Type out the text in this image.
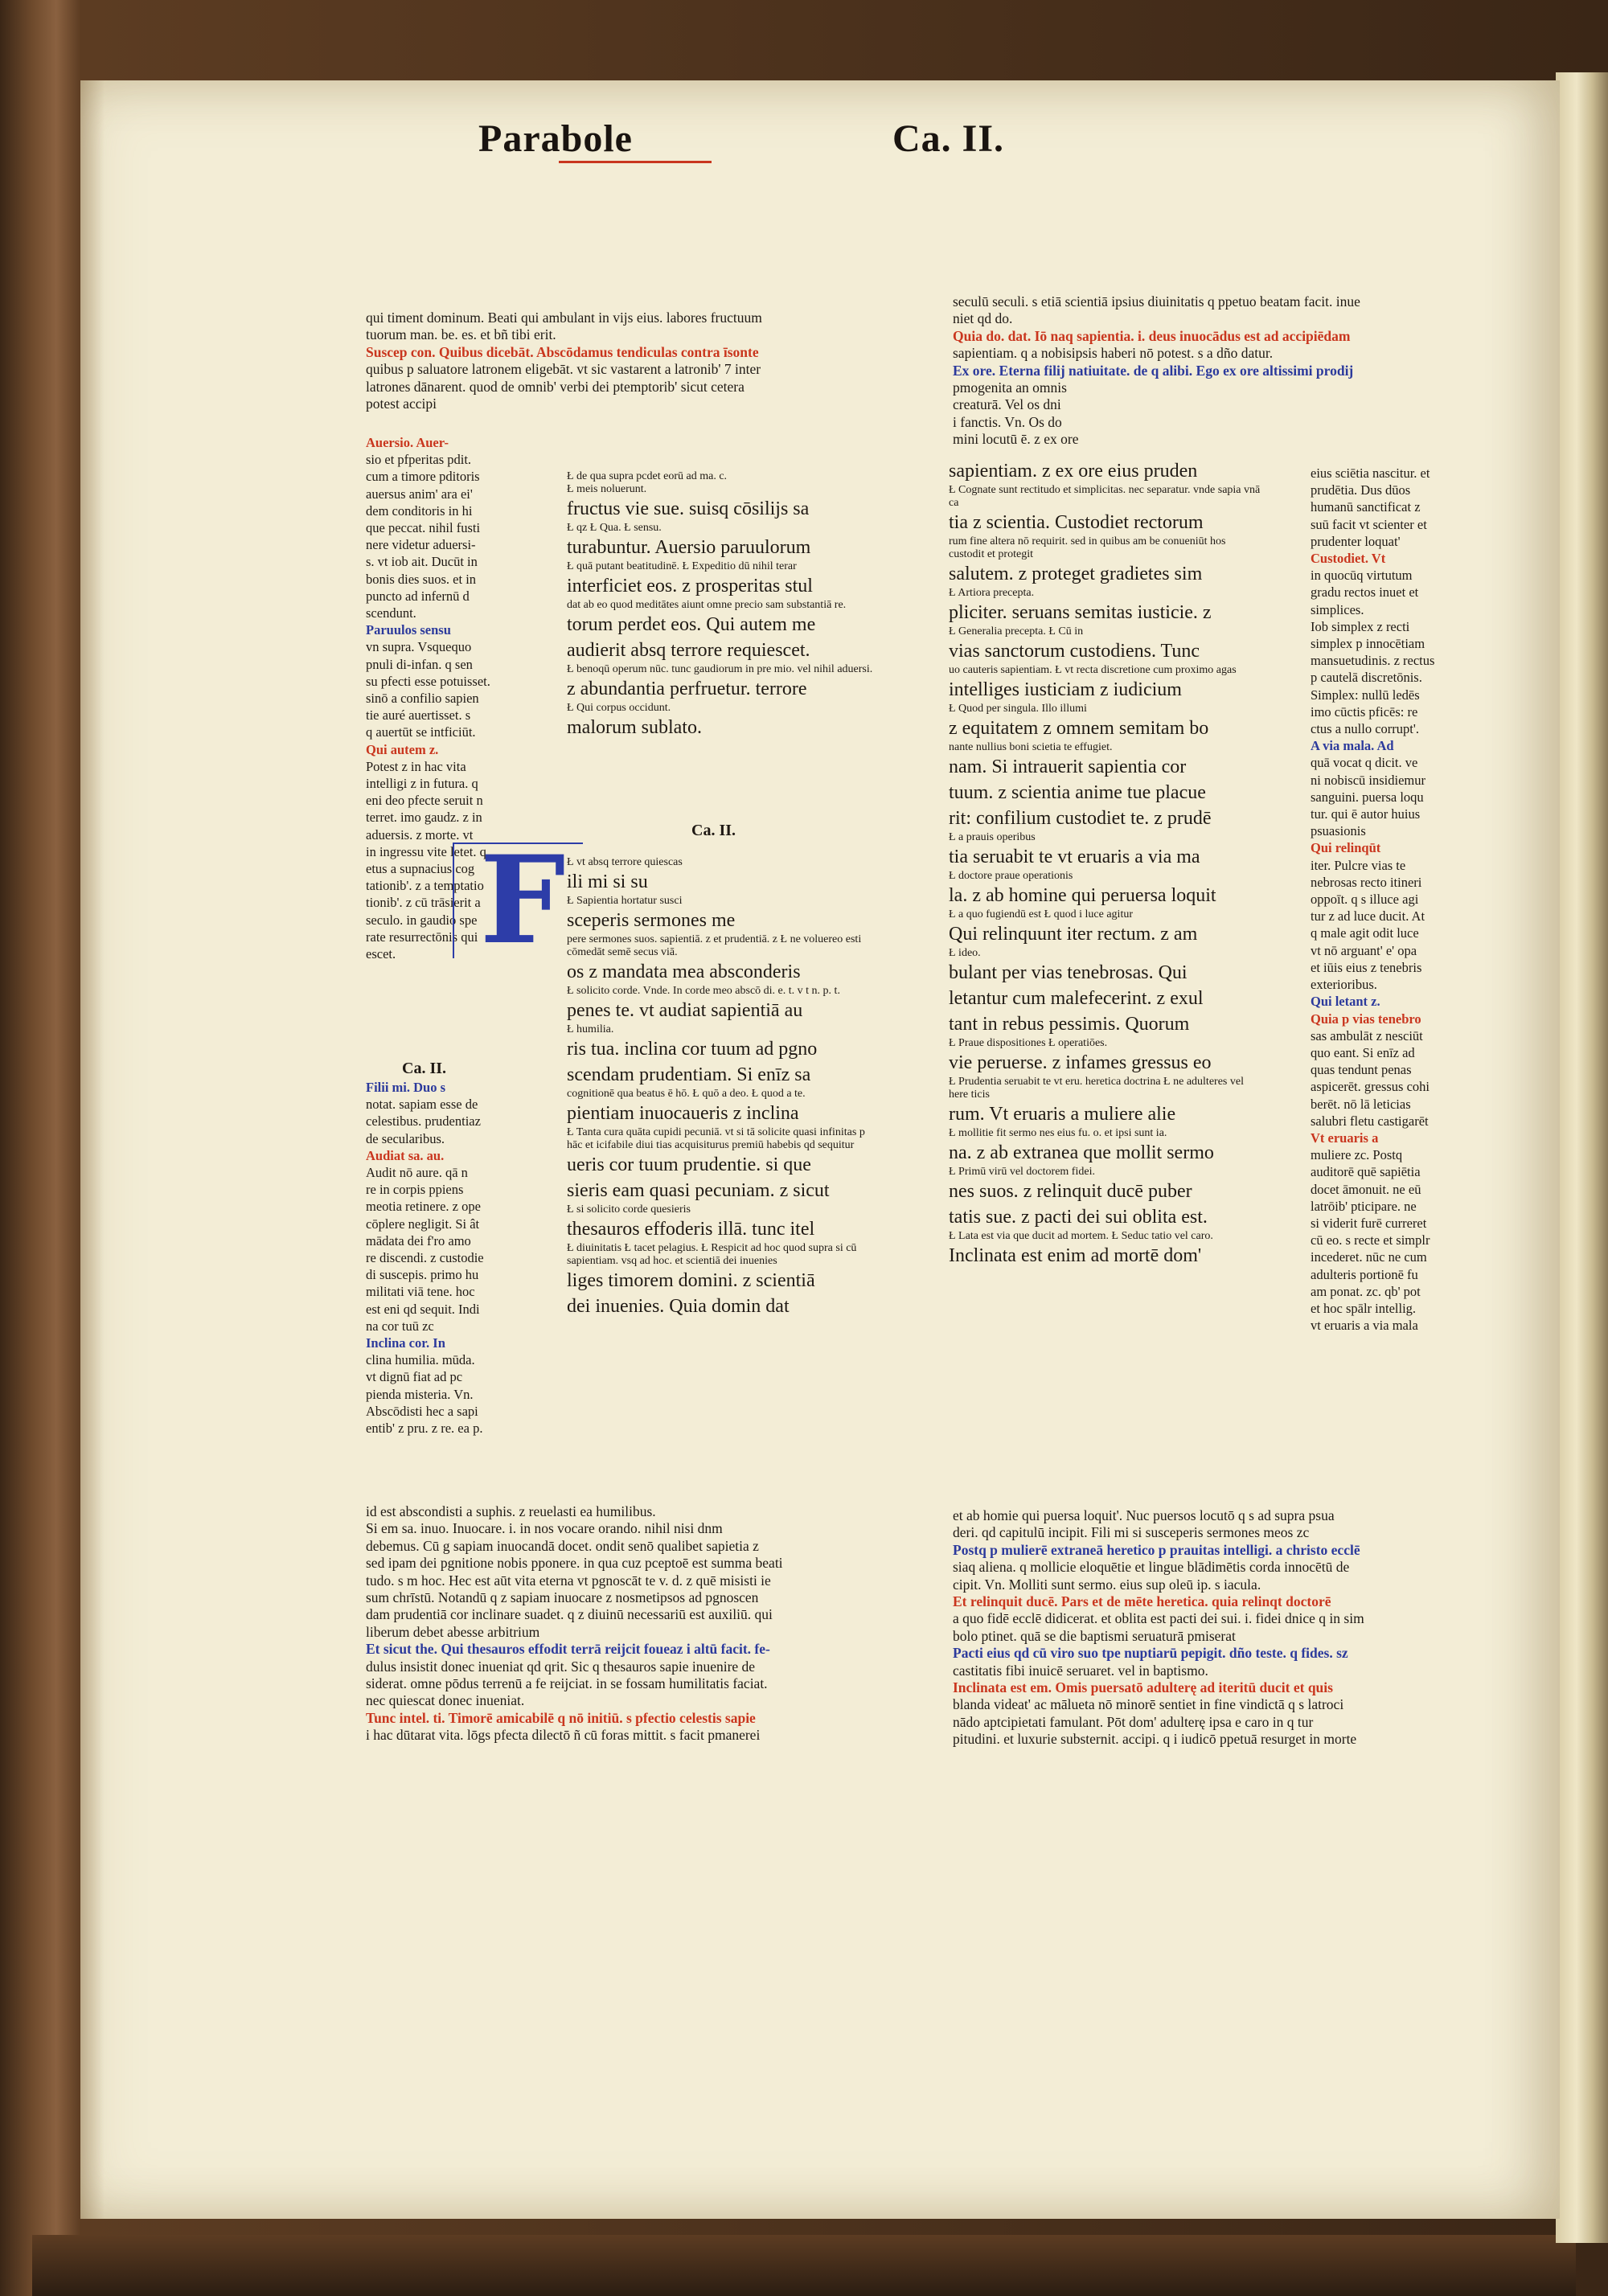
Parabole	Ca. II.

qui timent dominum. Beati qui ambulant in vijs eius. labores fructuum

tuorum man. be. es. et bñ tibi erit.

Suscep con. Quibus dicebāt. Abscōdamus tendiculas contra īsonte

quibus p saluatore latronem eligebāt. vt sic vastarent a latronib' 7 inter

latrones dānarent. quod de omnib' verbi dei ptemptorib' sicut cetera

potest accipi

Auersio. Auer-

sio et pfperitas pdit.

cum a timore pditoris

auersus anim' ara ei'

dem conditoris in hi

que peccat. nihil fusti

nere videtur aduersi-

s. vt iob ait. Ducūt in

bonis dies suos. et in

puncto ad infernū d

scendunt.

Paruulos sensu

vn supra. Vsquequo

pnuli di-infan. q sen

su pfecti esse potuisset.

sinō a confilio sapien

tie auré auertisset. s

q auertūt se intficiūt.

Qui autem z.

Potest z in hac vita

intelligi z in futura. q

eni deo pfecte seruit n

terret. imo gaudz. z in

aduersis. z morte. vt

in ingressu vite letet. q

etus a supnacius cog

tationib'. z a temptatio

tionib'. z cū trāsierit a

seculo. in gaudio spe

rate resurrectōnis qui

escet.

Ca. II.

Filii mi. Duo s

notat. sapiam esse de

celestibus. prudentiaz

de secularibus.

Audiat sa. au.

Audit nō aure. qā n

re in corpis ppiens

meotia retinere. z ope

cōplere negligit. Si ât

mādata dei f'ro amo

re discendi. z custodie

di suscepis. primo hu

militati viā tene. hoc

est eni qd sequit. Indi

na cor tuū zc

Inclina cor. In

clina humilia. mūda.

vt dignū fiat ad pc

pienda misteria. Vn.

Abscōdisti hec a sapi

entib' z pru. z re. ea p.

id est abscondisti a suphis. z reuelasti ea humilibus.

Si em sa. inuo. Inuocare. i. in nos vocare orando. nihil nisi dnm

debemus. Cū g sapiam inuocandā docet. ondit senō qualibet sapietia z

sed ipam dei pgnitione nobis pponere. in qua cuz pceptoē est summa beati

tudo. s m hoc. Hec est aūt vita eterna vt pgnoscāt te v. d. z quē misisti ie

sum chrīstū. Notandū q z sapiam inuocare z nosmetipsos ad pgnoscen

dam prudentiā cor inclinare suadet. q z diuinū necessariū est auxiliū. qui

liberum debet abesse arbitrium

Et sicut the. Qui thesauros effodit terrā reijcit foueaz i altū facit. fe-

dulus insistit donec inueniat qd qrit. Sic q thesauros sapie inuenire de

siderat. omne pōdus terrenū a fe reijciat. in se fossam humilitatis faciat.

nec quiescat donec inueniat.

Tunc intel. ti. Timorē amicabilē q nō initiū. s pfectio celestis sapie

i hac dūtarat vita. lōgs pfecta dilectō ñ cū foras mittit. s facit pmanerei

Ł de qua supra pcdet eorū ad ma. c.

Ł meis noluerunt.

fructus vie sue. suisq cōsilijs sa

Ł qz Ł Qua. Ł sensu.

turabuntur. Auersio paruulorum

Ł quā putant beatitudinē. Ł Expeditio dū nihil terar

interficiet eos. z prosperitas stul

dat ab eo quod meditātes aiunt omne precio sam substantiā re.

torum perdet eos. Qui autem me

audierit absq terrore requiescet.

Ł benoqū operum nūc. tunc gaudiorum in pre mio. vel nihil aduersi.

z abundantia perfruetur. terrore

Ł Qui corpus occidunt.

malorum sublato.

Ca. II.
F Ł vt absq terrore quiescas

ili mi si su

Ł Sapientia hortatur susci

sceperis sermones me

pere sermones suos. sapientiā. z et prudentiā. z Ł ne voluereo esti cōmedāt semē secus viā.

os z mandata mea absconderis

Ł solicito corde. Vnde. In corde meo abscō di. e. t. v t n. p. t.

penes te. vt audiat sapientiā au

Ł humilia.

ris tua. inclina cor tuum ad pgno

scendam prudentiam. Si enīz sa

cognitionē qua beatus ē hō. Ł quō a deo. Ł quod a te.

pientiam inuocaueris z inclina

Ł Tanta cura quāta cupidi pecuniā. vt si tā solicite quasi infinitas p hāc et icifabile diui tias acquisiturus premiū habebis qd sequitur

ueris cor tuum prudentie. si que

sieris eam quasi pecuniam. z sicut

Ł si solicito corde quesieris

thesauros effoderis illā. tunc itel

Ł diuinitatis Ł tacet pelagius. Ł Respicit ad hoc quod supra si cū sapientiam. vsq ad hoc. et scientiā dei inuenies

liges timorem domini. z scientiā

dei inuenies. Quia domin dat

seculū seculi. s etiā scientiā ipsius diuinitatis q ppetuo beatam facit. inue

niet qd do.

Quia do. dat. Iō naq sapientia. i. deus inuocādus est ad accipiēdam

sapientiam. q a nobisipsis haberi nō potest. s a dño datur.

Ex ore. Eterna filij natiuitate. de q alibi. Ego ex ore altissimi prodij

pmogenita an omnis

creaturā. Vel os dni

i fanctis. Vn. Os do

mini locutū ē. z ex ore

sapientiam. z ex ore eius pruden

Ł Cognate sunt rectitudo et simplicitas. nec separatur. vnde sapia vnā ca

tia z scientia. Custodiet rectorum

rum fine altera nō requirit. sed in quibus am be conueniūt hos custodit et protegit

salutem. z proteget gradietes sim

Ł Artiora precepta.

pliciter. seruans semitas iusticie. z

Ł Generalia precepta. Ł Cū in

vias sanctorum custodiens. Tunc

uo cauteris sapientiam. Ł vt recta discretione cum proximo agas

intelliges iusticiam z iudicium

Ł Quod per singula. Illo illumi

z equitatem z omnem semitam bo

nante nullius boni scietia te effugiet.

nam. Si intrauerit sapientia cor

tuum. z scientia anime tue placue

rit: confilium custodiet te. z prudē

Ł a prauis operibus

tia seruabit te vt eruaris a via ma

Ł doctore praue operationis

la. z ab homine qui peruersa loquit

Ł a quo fugiendū est Ł quod i luce agitur

Qui relinquunt iter rectum. z am

Ł ideo.

bulant per vias tenebrosas. Qui

letantur cum malefecerint. z exul

tant in rebus pessimis. Quorum

Ł Praue dispositiones Ł operatiōes.

vie peruerse. z infames gressus eo

Ł Prudentia seruabit te vt eru. heretica doctrina Ł ne adulteres vel here ticis

rum. Vt eruaris a muliere alie

Ł mollitie fit sermo nes eius fu. o. et ipsi sunt ia.

na. z ab extranea que mollit sermo

Ł Primū virū vel doctorem fidei.

nes suos. z relinquit ducē puber

tatis sue. z pacti dei sui oblita est.

Ł Lata est via que ducit ad mortem. Ł Seduc tatio vel caro.

Inclinata est enim ad mortē dom'

eius sciētia nascitur. et

prudētia. Dus dūos

humanū sanctificat z

suū facit vt scienter et

prudenter loquat'

Custodiet. Vt

in quocūq virtutum

gradu rectos inuet et

simplices.

Iob simplex z recti

simplex p innocētiam

mansuetudinis. z rectus

p cautelā discretōnis.

Simplex: nullū ledēs

imo cūctis pficēs: re

ctus a nullo corrupt'.

A via mala. Ad

quā vocat q dicit. ve

ni nobiscū insidiemur

sanguini. puersa loqu

tur. qui ē autor huius

psuasionis

Qui relinqūt

iter. Pulcre vias te

nebrosas recto itineri

oppoīt. q s illuce agi

tur z ad luce ducit. At

q male agit odit luce

vt nō arguant' e' opa

et iūis eius z tenebris

exterioribus.

Qui letant z.

Quia p vias tenebro

sas ambulāt z nesciūt

quo eant. Si enīz ad

quas tendunt penas

aspicerēt. gressus cohi

berēt. nō lā leticias

salubri fletu castigarēt

Vt eruaris a

muliere zc. Postq

auditorē quē sapiētia

docet āmonuit. ne eū

latrōib' pticipare. ne

si viderit furē curreret

cū eo. s recte et simplr

incederet. nūc ne cum

adulteris portionē fu

am ponat. zc. qb' pot

et hoc spālr intellig.

vt eruaris a via mala

et ab homie qui puersa loquit'. Nuc puersos locutō q s ad supra psua

deri. qd capitulū incipit. Fili mi si susceperis sermones meos zc

Postq p mulierē extraneā heretico p prauitas intelligi. a christo ecclē

siaq aliena. q mollicie eloquētie et lingue blādimētis corda innocētū de

cipit. Vn. Molliti sunt sermo. eius sup oleū ip. s iacula.

Et relinquit ducē. Pars et de mēte heretica. quia relinqt doctorē

a quo fidē ecclē didicerat. et oblita est pacti dei sui. i. fidei dnice q in sim

bolo ptinet. quā se die baptismi seruaturā pmiserat

Pacti eius qd cū viro suo tpe nuptiarū pepigit. dño teste. q fides. sz

castitatis fibi inuicē seruaret. vel in baptismo.

Inclinata est em. Omis puersatō adulterę ad iteritū ducit et quis

blanda videat' ac mālueta nō minorē sentiet in fine vindictā q s latroci

nādo aptcipietati famulant. Pōt dom' adulterę ipsa e caro in q tur

pitudini. et luxurie substernit. accipi. q i iudicō ppetuā resurget in morte
